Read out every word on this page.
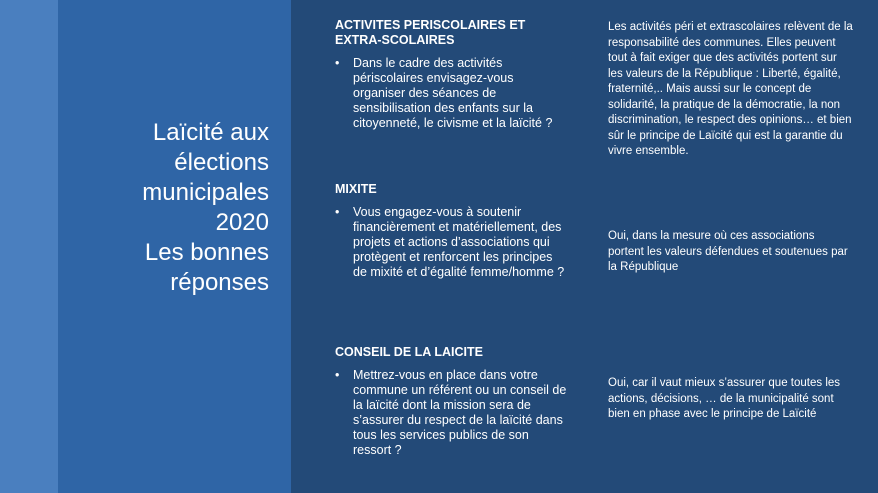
Laïcité aux
élections
municipales
2020
Les bonnes
réponses
ACTIVITES PERISCOLAIRES ET EXTRA-SCOLAIRES
•	Dans le cadre des activités périscolaires envisagez-vous organiser des séances de sensibilisation des enfants sur la citoyenneté, le civisme et la laïcité ?
Les activités péri et extrascolaires relèvent de la responsabilité des communes. Elles peuvent tout à fait exiger que des activités portent sur les valeurs de la République : Liberté, égalité, fraternité,.. Mais aussi sur le concept de solidarité, la pratique de la démocratie, la non discrimination, le respect des opinions… et bien sûr le principe de Laïcité qui est la garantie du vivre ensemble.
MIXITE
•	Vous engagez-vous à soutenir financièrement et matériellement, des projets et actions d’associations qui protègent et renforcent les principes de mixité et d’égalité femme/homme ?
Oui, dans la mesure où ces associations portent les valeurs défendues et soutenues par la République
CONSEIL DE LA LAICITE
•	Mettrez-vous en place dans votre commune un référent ou un conseil de la laïcité dont la mission sera de s’assurer du respect de la laïcité dans tous les services publics de son ressort ?
Oui, car il vaut mieux s’assurer que toutes les actions, décisions, … de la municipalité sont bien en phase avec le principe de Laïcité
